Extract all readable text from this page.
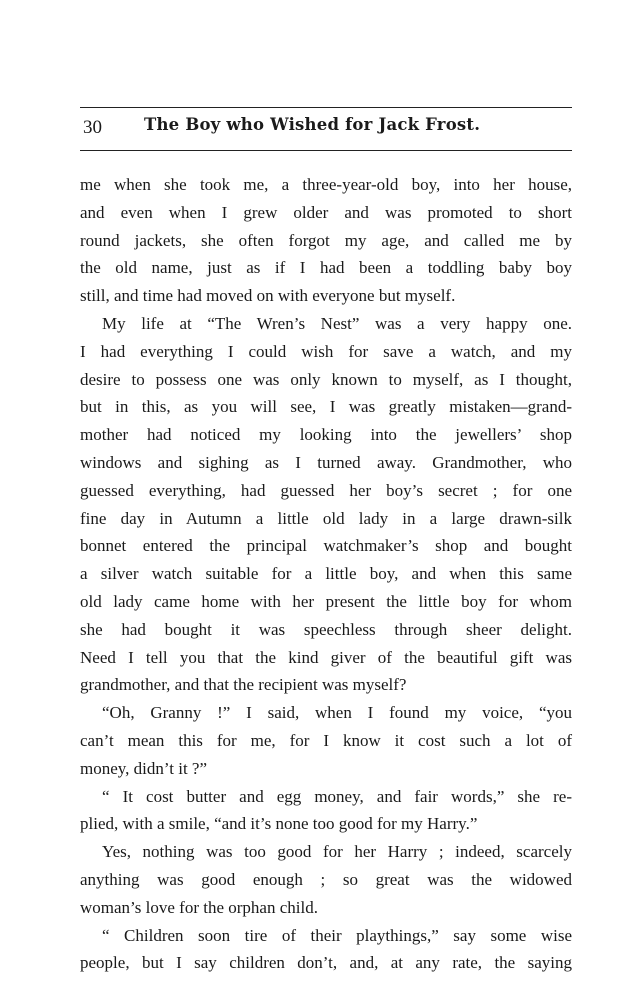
30	The Boy who Wished for Jack Frost.
me when she took me, a three-year-old boy, into her house,
and even when I grew older and was promoted to short
round jackets, she often forgot my age, and called me by
the old name, just as if I had been a toddling baby boy
still, and time had moved on with everyone but myself.
My life at “The Wren’s Nest” was a very happy one.
I had everything I could wish for save a watch, and my
desire to possess one was only known to myself, as I thought,
but in this, as you will see, I was greatly mistaken—grand-
mother had noticed my looking into the jewellers’ shop
windows and sighing as I turned away. Grandmother, who
guessed everything, had guessed her boy’s secret ; for one
fine day in Autumn a little old lady in a large drawn-silk
bonnet entered the principal watchmaker’s shop and bought
a silver watch suitable for a little boy, and when this same
old lady came home with her present the little boy for whom
she had bought it was speechless through sheer delight.
Need I tell you that the kind giver of the beautiful gift was
grandmother, and that the recipient was myself?
“Oh, Granny !” I said, when I found my voice, “you
can’t mean this for me, for I know it cost such a lot of
money, didn’t it ?”
“ It cost butter and egg money, and fair words,” she re-
plied, with a smile, “and it’s none too good for my Harry.”
Yes, nothing was too good for her Harry ; indeed, scarcely
anything was good enough ; so great was the widowed
woman’s love for the orphan child.
“ Children soon tire of their playthings,” say some wise
people, but I say children don’t, and, at any rate, the saying
